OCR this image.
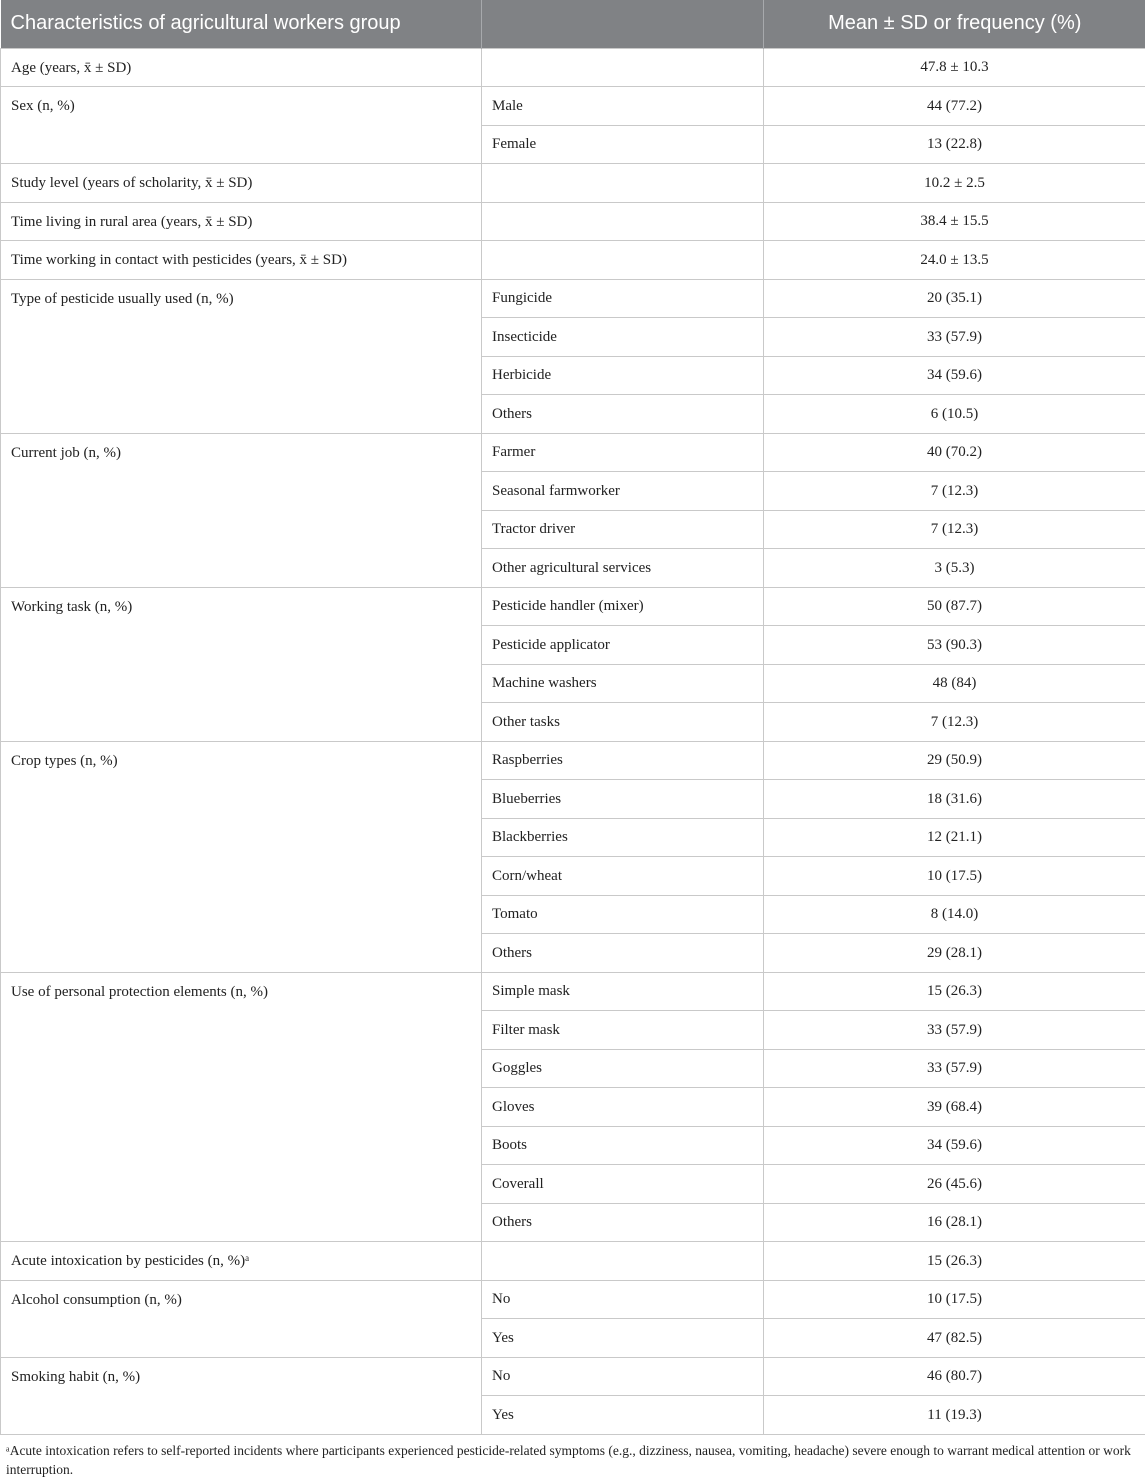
Characteristics of agricultural workers group		Mean ± SD or frequency (%)
Age (years, x̄ ± SD)		47.8 ± 10.3
Sex (n, %)	Male	44 (77.2)
	Female	13 (22.8)
Study level (years of scholarity, x̄ ± SD)		10.2 ± 2.5
Time living in rural area (years, x̄ ± SD)		38.4 ± 15.5
Time working in contact with pesticides (years, x̄ ± SD)		24.0 ± 13.5
Type of pesticide usually used (n, %)	Fungicide	20 (35.1)
	Insecticide	33 (57.9)
	Herbicide	34 (59.6)
	Others	6 (10.5)
Current job (n, %)	Farmer	40 (70.2)
	Seasonal farmworker	7 (12.3)
	Tractor driver	7 (12.3)
	Other agricultural services	3 (5.3)
Working task (n, %)	Pesticide handler (mixer)	50 (87.7)
	Pesticide applicator	53 (90.3)
	Machine washers	48 (84)
	Other tasks	7 (12.3)
Crop types (n, %)	Raspberries	29 (50.9)
	Blueberries	18 (31.6)
	Blackberries	12 (21.1)
	Corn/wheat	10 (17.5)
	Tomato	8 (14.0)
	Others	29 (28.1)
Use of personal protection elements (n, %)	Simple mask	15 (26.3)
	Filter mask	33 (57.9)
	Goggles	33 (57.9)
	Gloves	39 (68.4)
	Boots	34 (59.6)
	Coverall	26 (45.6)
	Others	16 (28.1)
Acute intoxication by pesticides (n, %)ᵃ		15 (26.3)
Alcohol consumption (n, %)	No	10 (17.5)
	Yes	47 (82.5)
Smoking habit (n, %)	No	46 (80.7)
	Yes	11 (19.3)
ᵃAcute intoxication refers to self-reported incidents where participants experienced pesticide-related symptoms (e.g., dizziness, nausea, vomiting, headache) severe enough to warrant medical attention or work interruption.
